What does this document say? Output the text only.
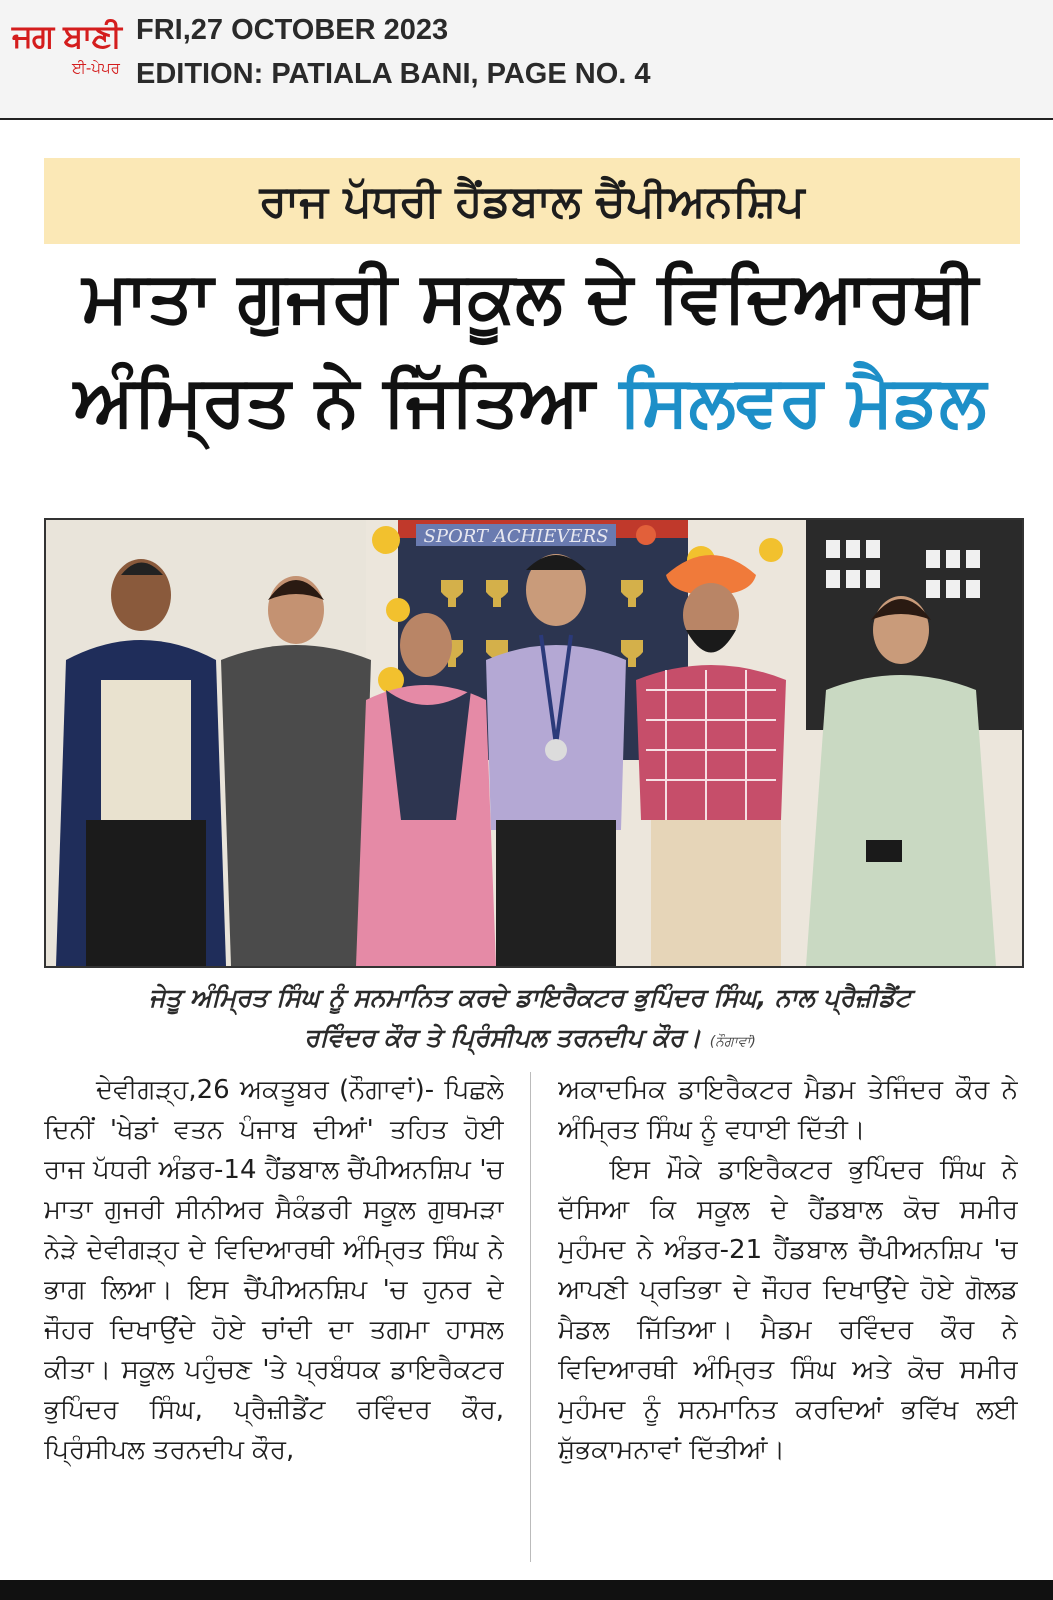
ਜਗ ਬਾਣੀ
ਈ-ਪੇਪਰ
FRI,27 OCTOBER 2023
EDITION: PATIALA BANI, PAGE NO. 4
ਰਾਜ ਪੱਧਰੀ ਹੈਂਡਬਾਲ ਚੈਂਪੀਅਨਸ਼ਿਪ
ਮਾਤਾ ਗੁਜਰੀ ਸਕੂਲ ਦੇ ਵਿਦਿਆਰਥੀ
ਅੰਮ੍ਰਿਤ ਨੇ ਜਿੱਤਿਆ ਸਿਲਵਰ ਮੈਡਲ
SPORT ACHIEVERS
ਜੇਤੂ ਅੰਮ੍ਰਿਤ ਸਿੰਘ ਨੂੰ ਸਨਮਾਨਿਤ ਕਰਦੇ ਡਾਇਰੈਕਟਰ ਭੁਪਿੰਦਰ ਸਿੰਘ, ਨਾਲ ਪ੍ਰੈਜ਼ੀਡੈਂਟ
ਰਵਿੰਦਰ ਕੌਰ ਤੇ ਪ੍ਰਿੰਸੀਪਲ ਤਰਨਦੀਪ ਕੌਰ। (ਨੌਗਾਵਾਂ)

ਦੇਵੀਗੜ੍ਹ,26 ਅਕਤੂਬਰ (ਨੌਗਾਵਾਂ)- ਪਿਛਲੇ ਦਿਨੀਂ 'ਖੇਡਾਂ ਵਤਨ ਪੰਜਾਬ ਦੀਆਂ' ਤਹਿਤ ਹੋਈ ਰਾਜ ਪੱਧਰੀ ਅੰਡਰ-14 ਹੈਂਡਬਾਲ ਚੈਂਪੀਅਨਸ਼ਿਪ 'ਚ ਮਾਤਾ ਗੁਜਰੀ ਸੀਨੀਅਰ ਸੈਕੰਡਰੀ ਸਕੂਲ ਗੁਥਮੜਾ ਨੇੜੇ ਦੇਵੀਗੜ੍ਹ ਦੇ ਵਿਦਿਆਰਥੀ ਅੰਮ੍ਰਿਤ ਸਿੰਘ ਨੇ ਭਾਗ ਲਿਆ। ਇਸ ਚੈਂਪੀਅਨਸ਼ਿਪ 'ਚ ਹੁਨਰ ਦੇ ਜੌਹਰ ਦਿਖਾਉਂਦੇ ਹੋਏ ਚਾਂਦੀ ਦਾ ਤਗਮਾ ਹਾਸਲ ਕੀਤਾ। ਸਕੂਲ ਪਹੁੰਚਣ 'ਤੇ ਪ੍ਰਬੰਧਕ ਡਾਇਰੈਕਟਰ ਭੁਪਿੰਦਰ ਸਿੰਘ, ਪ੍ਰੈਜ਼ੀਡੈਂਟ ਰਵਿੰਦਰ ਕੌਰ, ਪ੍ਰਿੰਸੀਪਲ ਤਰਨਦੀਪ ਕੌਰ,

ਅਕਾਦਮਿਕ ਡਾਇਰੈਕਟਰ ਮੈਡਮ ਤੇਜਿੰਦਰ ਕੌਰ ਨੇ ਅੰਮ੍ਰਿਤ ਸਿੰਘ ਨੂੰ ਵਧਾਈ ਦਿੱਤੀ।

ਇਸ ਮੌਕੇ ਡਾਇਰੈਕਟਰ ਭੁਪਿੰਦਰ ਸਿੰਘ ਨੇ ਦੱਸਿਆ ਕਿ ਸਕੂਲ ਦੇ ਹੈਂਡਬਾਲ ਕੋਚ ਸਮੀਰ ਮੁਹੰਮਦ ਨੇ ਅੰਡਰ-21 ਹੈਂਡਬਾਲ ਚੈਂਪੀਅਨਸ਼ਿਪ 'ਚ ਆਪਣੀ ਪ੍ਰਤਿਭਾ ਦੇ ਜੌਹਰ ਦਿਖਾਉਂਦੇ ਹੋਏ ਗੋਲਡ ਮੈਡਲ ਜਿੱਤਿਆ। ਮੈਡਮ ਰਵਿੰਦਰ ਕੌਰ ਨੇ ਵਿਦਿਆਰਥੀ ਅੰਮ੍ਰਿਤ ਸਿੰਘ ਅਤੇ ਕੋਚ ਸਮੀਰ ਮੁਹੰਮਦ ਨੂੰ ਸਨਮਾਨਿਤ ਕਰਦਿਆਂ ਭਵਿੱਖ ਲਈ ਸ਼ੁੱਭਕਾਮਨਾਵਾਂ ਦਿੱਤੀਆਂ।
